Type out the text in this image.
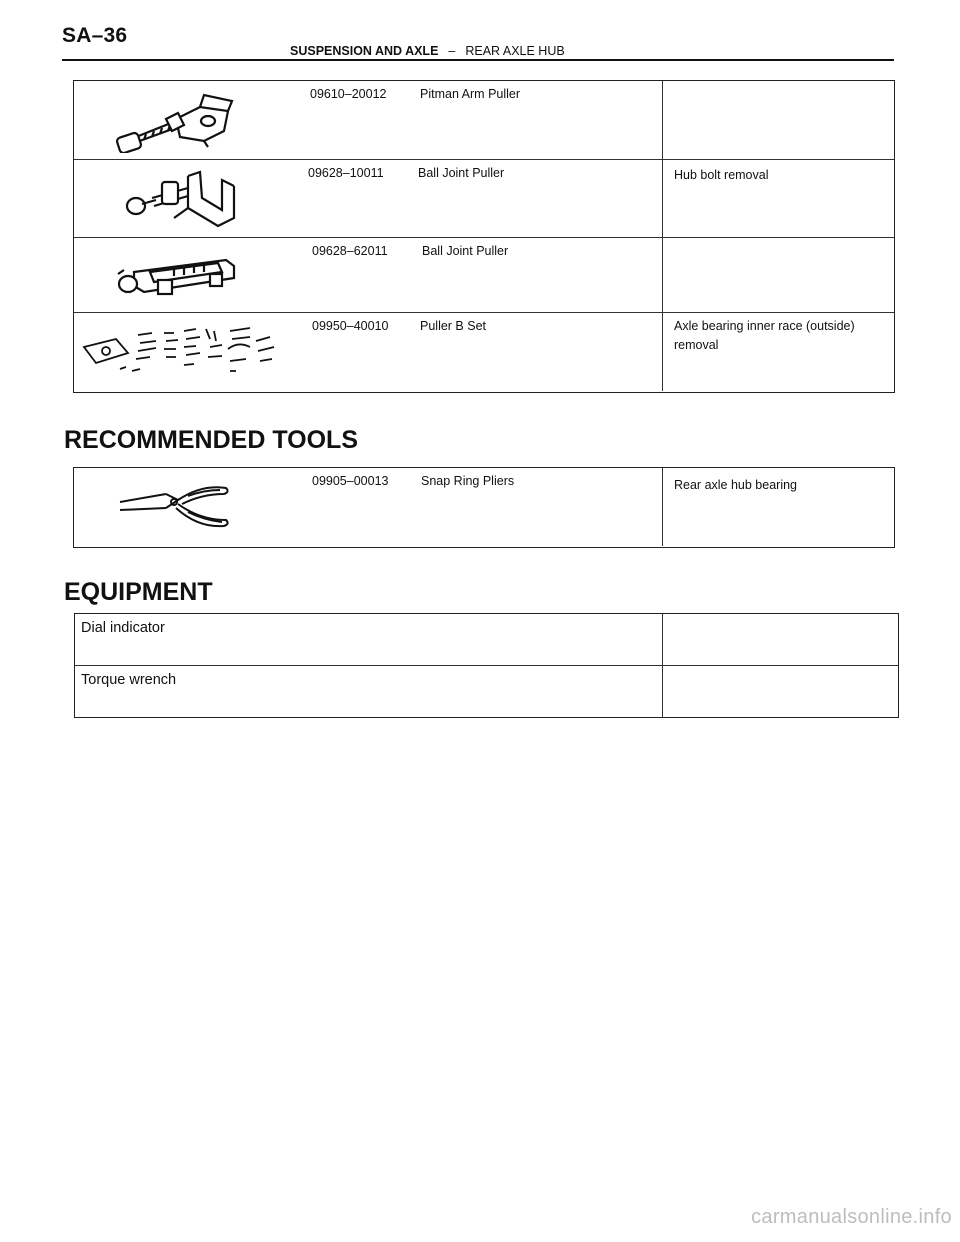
SA–36
SUSPENSION AND AXLE – REAR AXLE HUB
09610–20012	Pitman Arm Puller
09628–10011	Ball Joint Puller	Hub bolt removal
09628–62011	Ball Joint Puller
09950–40010	Puller B Set	Axle bearing inner race (outside) removal
RECOMMENDED TOOLS
09905–00013	Snap Ring Pliers	Rear axle hub bearing
EQUIPMENT
Dial indicator
Torque wrench
carmanualsonline.info
